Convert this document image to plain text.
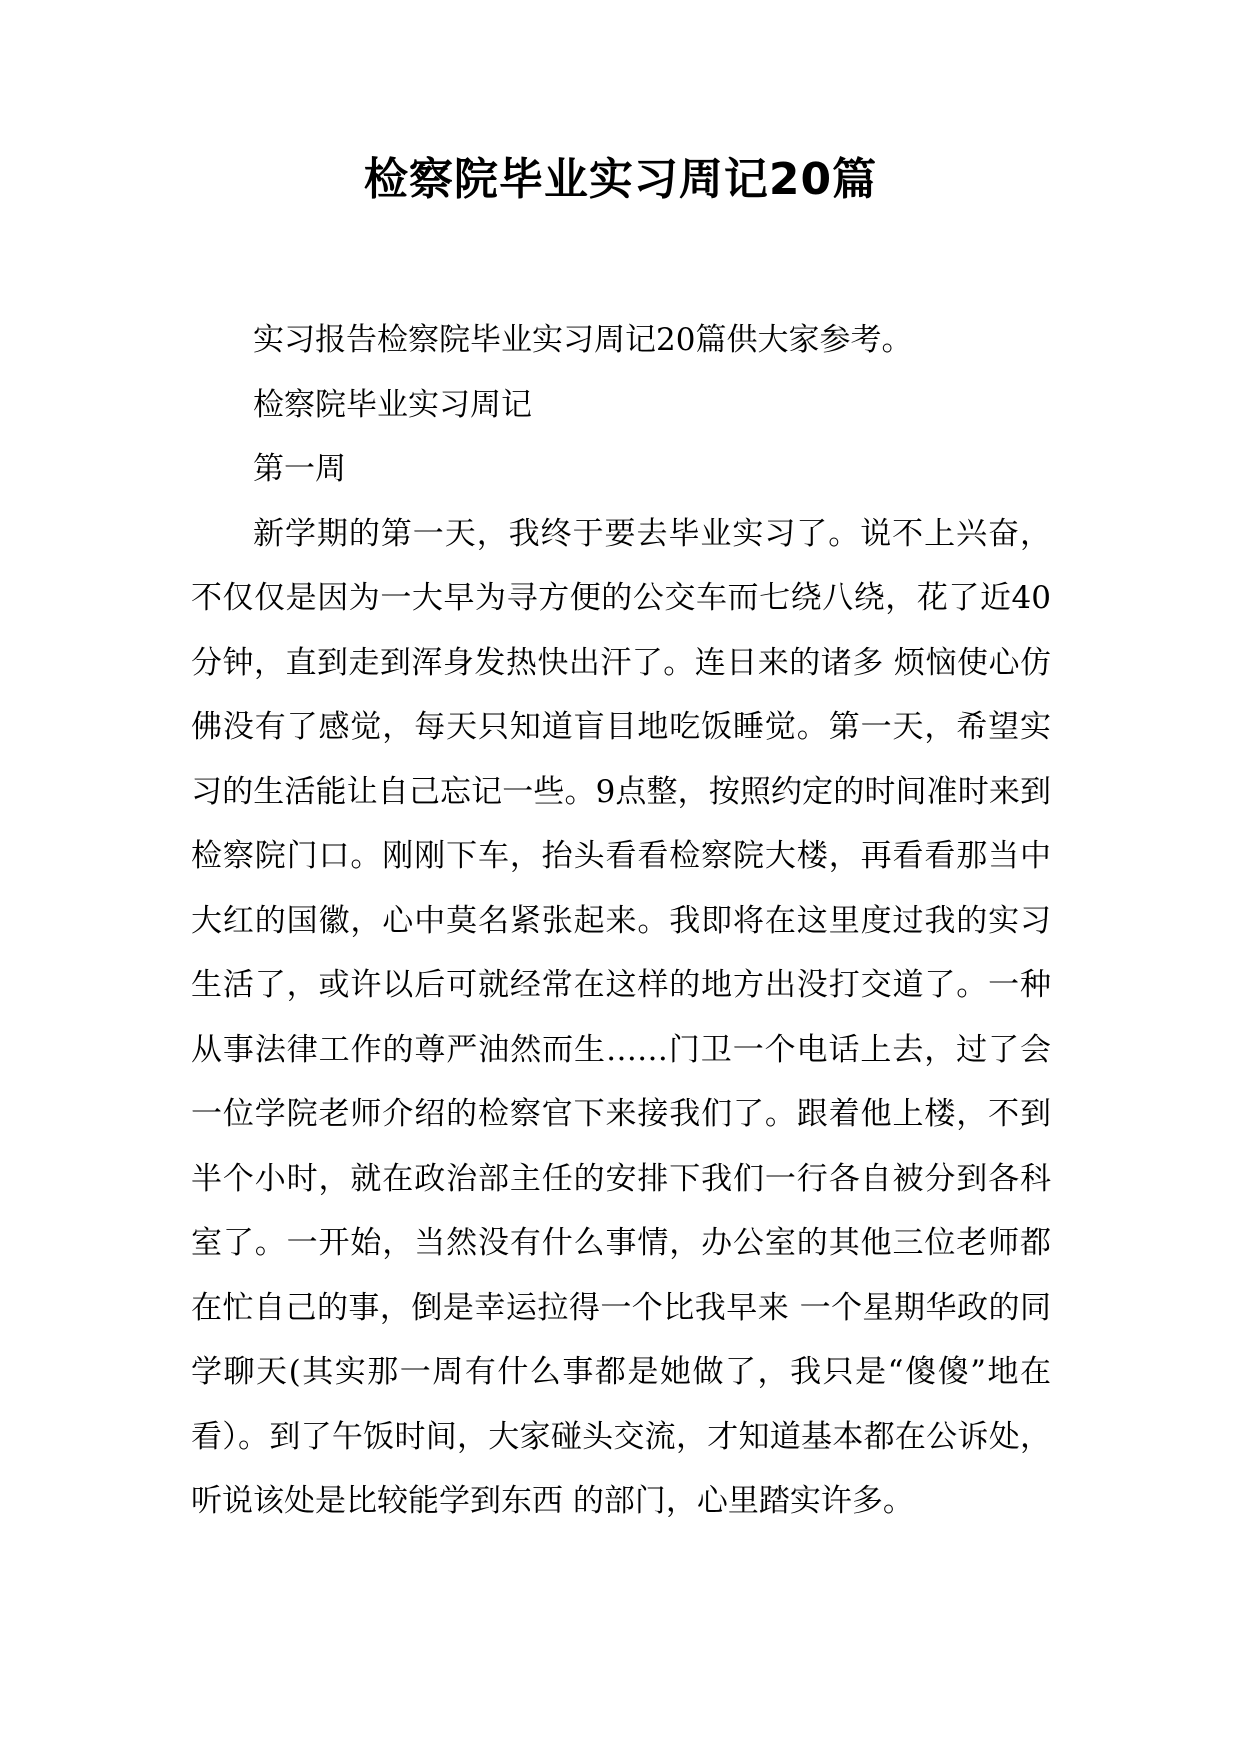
检察院毕业实习周记20篇

实习报告检察院毕业实习周记20篇供大家参考。

检察院毕业实习周记

第一周

新学期的第一天，我终于要去毕业实习了。说不上兴奋，不仅仅是因为一大早为寻方便的公交车而七绕八绕，花了近40分钟，直到走到浑身发热快出汗了。连日来的诸多 烦恼使心仿佛没有了感觉，每天只知道盲目地吃饭睡觉。第一天，希望实习的生活能让自己忘记一些。9点整，按照约定的时间准时来到检察院门口。刚刚下车，抬头看看检察院大楼，再看看那当中大红的国徽，心中莫名紧张起来。我即将在这里度过我的实习生活了，或许以后可就经常在这样的地方出没打交道了。一种从事法律工作的尊严油然而生……门卫一个电话上去，过了会一位学院老师介绍的检察官下来接我们了。跟着他上楼，不到半个小时，就在政治部主任的安排下我们一行各自被分到各科室了。一开始，当然没有什么事情，办公室的其他三位老师都在忙自己的事，倒是幸运拉得一个比我早来 一个星期华政的同学聊天(其实那一周有什么事都是她做了，我只是“傻傻”地在看）。到了午饭时间，大家碰头交流，才知道基本都在公诉处，听说该处是比较能学到东西 的部门，心里踏实许多。
